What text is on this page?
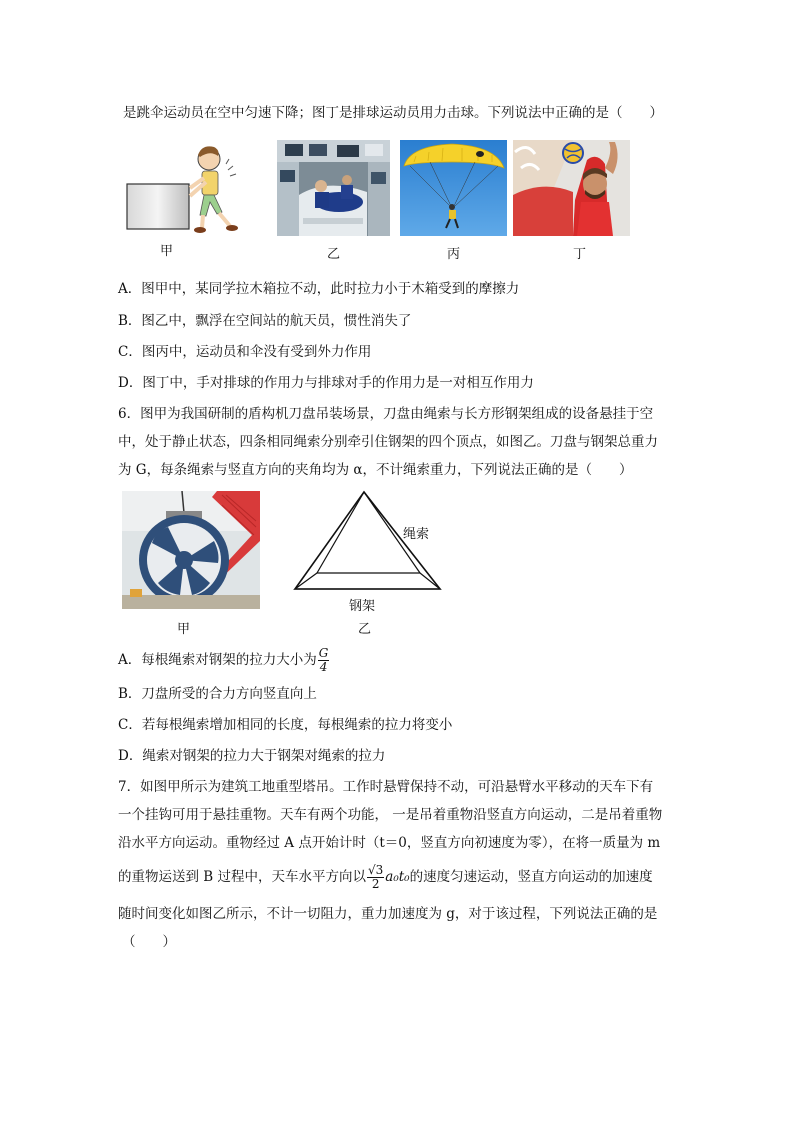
是跳伞运动员在空中匀速下降；图丁是排球运动员用力击球。下列说法中正确的是（　　）
甲	乙	丙	丁
A．图甲中，某同学拉木箱拉不动，此时拉力小于木箱受到的摩擦力
B．图乙中，飘浮在空间站的航天员，惯性消失了
C．图丙中，运动员和伞没有受到外力作用
D．图丁中，手对排球的作用力与排球对手的作用力是一对相互作用力
6．图甲为我国研制的盾构机刀盘吊装场景，刀盘由绳索与长方形钢架组成的设备悬挂于空
中，处于静止状态，四条相同绳索分别牵引住钢架的四个顶点，如图乙。刀盘与钢架总重力
为 G，每条绳索与竖直方向的夹角均为 α，不计绳索重力，下列说法正确的是（　　）
绳索
钢架
甲	乙
A．每根绳索对钢架的拉力大小为 $\frac{G}{4}$
B．刀盘所受的合力方向竖直向上
C．若每根绳索增加相同的长度，每根绳索的拉力将变小
D．绳索对钢架的拉力大于钢架对绳索的拉力
7．如图甲所示为建筑工地重型塔吊。工作时悬臂保持不动，可沿悬臂水平移动的天车下有
一个挂钩可用于悬挂重物。天车有两个功能， 一是吊着重物沿竖直方向运动，二是吊着重物
沿水平方向运动。重物经过 A 点开始计时（t＝0，竖直方向初速度为零），在将一质量为 m
的重物运送到 B 过程中，天车水平方向以 $\frac{√3}{2} a_0t_0$的速度匀速运动，竖直方向运动的加速度
随时间变化如图乙所示，不计一切阻力，重力加速度为 g，对于该过程，下列说法正确的是
（　　）
